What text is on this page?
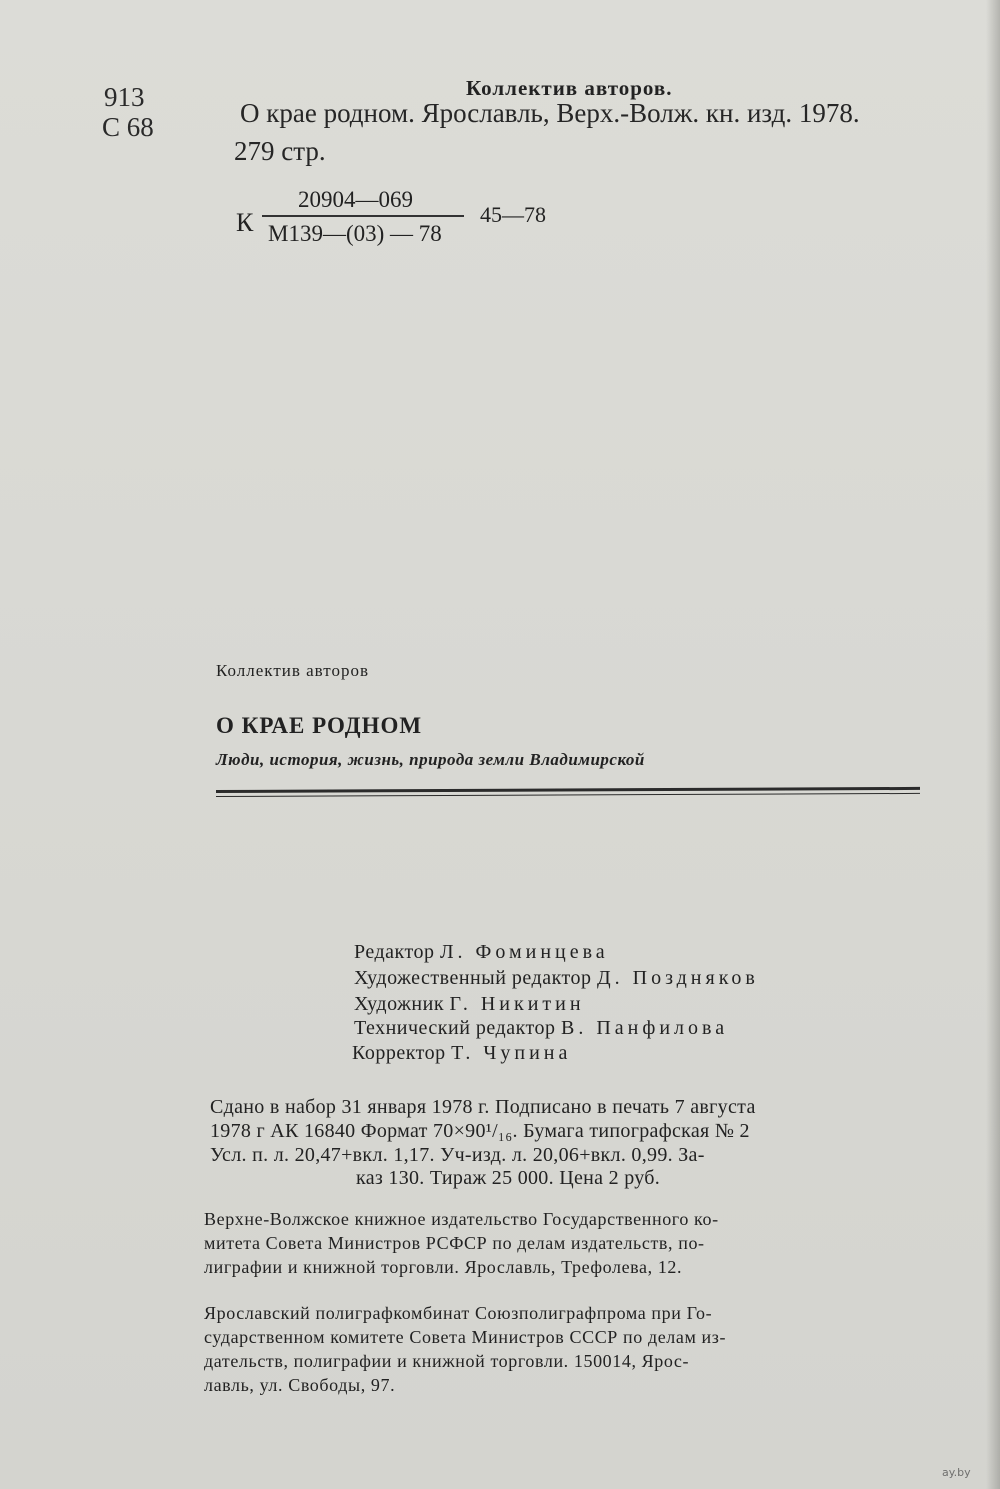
913
С 68
Коллектив авторов.
О крае родном. Ярославль, Верх.-Волж. кн. изд. 1978.
279 стр.
К
20904—069
М139—(03) — 78
45—78
Коллектив авторов
О КРАЕ РОДНОМ
Люди, история, жизнь, природа земли Владимирской
Редактор Л. Фоминцева
Художественный редактор Д. Поздняков
Художник Г. Никитин
Технический редактор В. Панфилова
Корректор Т. Чупина
Сдано в набор 31 января 1978 г. Подписано в печать 7 августа
1978 г АК 16840 Формат 70×90¹/₁₆. Бумага типографская № 2
Усл. п. л. 20,47+вкл. 1,17. Уч-изд. л. 20,06+вкл. 0,99. За-
каз 130. Тираж 25 000. Цена 2 руб.
Верхне-Волжское книжное издательство Государственного ко-
митета Совета Министров РСФСР по делам издательств, по-
лиграфии и книжной торговли. Ярославль, Трефолева, 12.
Ярославский полиграфкомбинат Союзполиграфпрома при Го-
сударственном комитете Совета Министров СССР по делам из-
дательств, полиграфии и книжной торговли. 150014, Ярос-
лавль, ул. Свободы, 97.
ay.by
